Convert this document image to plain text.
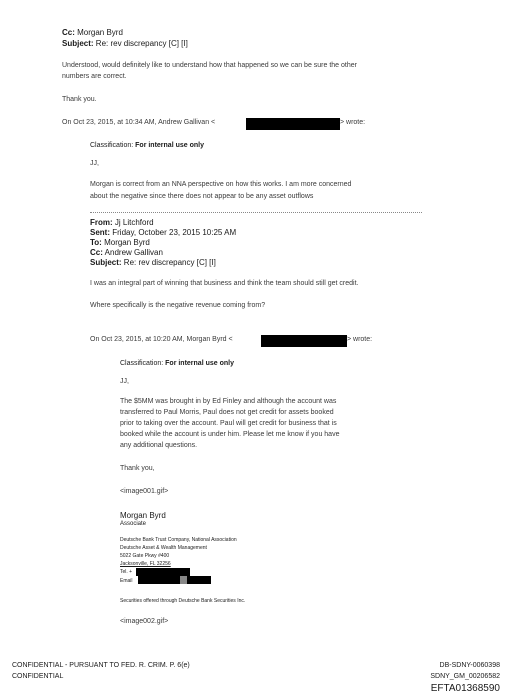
Cc: Morgan Byrd
Subject: Re: rev discrepancy [C] [I]
Understood, would definitely like to understand how that happened so we can be sure the other
numbers are correct.
Thank you.
On Oct 23, 2015, at 10:34 AM, Andrew Gallivan <	> wrote:
Classification: For internal use only
JJ,
Morgan is correct from an NNA perspective on how this works. I am more concerned
about the negative since there does not appear to be any asset outflows
From: Jj Litchford
Sent: Friday, October 23, 2015 10:25 AM
To: Morgan Byrd
Cc: Andrew Gallivan
Subject: Re: rev discrepancy [C] [I]
I was an integral part of winning that business and think the team should still get credit.
Where specifically is the negative revenue coming from?
On Oct 23, 2015, at 10:20 AM, Morgan Byrd <	> wrote:
Classification: For internal use only
JJ,
The $5MM was brought in by Ed Finley and although the account was
transferred to Paul Morris, Paul does not get credit for assets booked
prior to taking over the account. Paul will get credit for business that is
booked while the account is under him. Please let me know if you have
any additional questions.
Thank you,
<image001.gif>
Morgan Byrd
Associate
Deutsche Bank Trust Company, National Association
Deutsche Asset & Wealth Management
5022 Gate Pkwy #400
Jacksonville, FL 32256
Tel. +
Email
Securities offered through Deutsche Bank Securities Inc.
<image002.gif>
CONFIDENTIAL - PURSUANT TO FED. R. CRIM. P. 6(e)
CONFIDENTIAL
DB-SDNY-0060398
SDNY_GM_00206582
EFTA01368590
